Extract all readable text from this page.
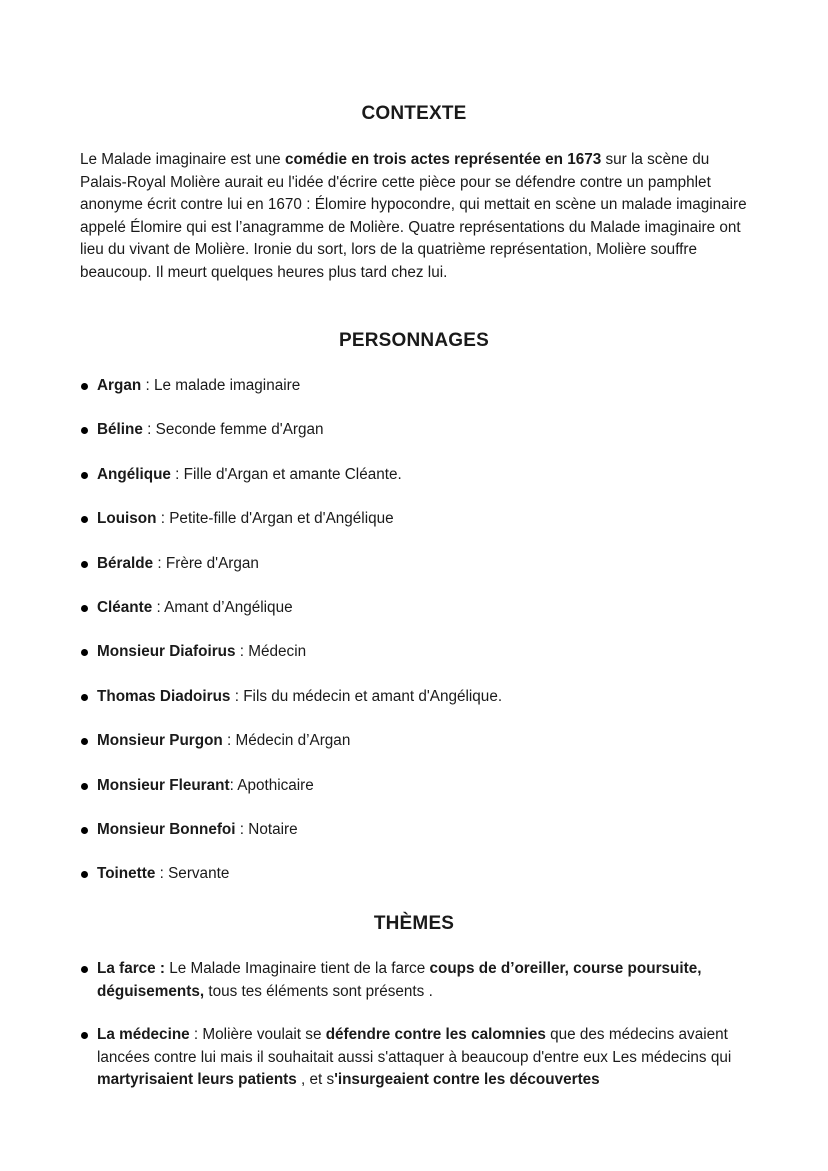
CONTEXTE

Le Malade imaginaire est une comédie en trois actes représentée en 1673 sur la scène du Palais-Royal Molière aurait eu l'idée d'écrire cette pièce pour se défendre contre un pamphlet anonyme écrit contre lui en 1670 : Élomire hypocondre, qui mettait en scène un malade imaginaire appelé Élomire qui est l’anagramme de Molière. Quatre représentations du Malade imaginaire ont lieu du vivant de Molière. Ironie du sort, lors de la quatrième représentation, Molière souffre beaucoup. Il meurt quelques heures plus tard chez lui.

PERSONNAGES
Argan : Le malade imaginaire
Béline : Seconde femme d'Argan
Angélique : Fille d'Argan et amante Cléante.
Louison : Petite-fille d'Argan et d'Angélique
Béralde : Frère d'Argan
Cléante : Amant d’Angélique
Monsieur Diafoirus : Médecin
Thomas Diadoirus : Fils du médecin et amant d'Angélique.
Monsieur Purgon : Médecin d’Argan
Monsieur Fleurant: Apothicaire
Monsieur Bonnefoi : Notaire
Toinette : Servante
THÈMES
La farce : Le Malade Imaginaire tient de la farce coups de d’oreiller, course poursuite, déguisements, tous tes éléments sont présents .
La médecine : Molière voulait se défendre contre les calomnies que des médecins avaient lancées contre lui mais il souhaitait aussi s'attaquer à beaucoup d'entre eux Les médecins qui martyrisaient leurs patients , et s'insurgeaient contre les découvertes
